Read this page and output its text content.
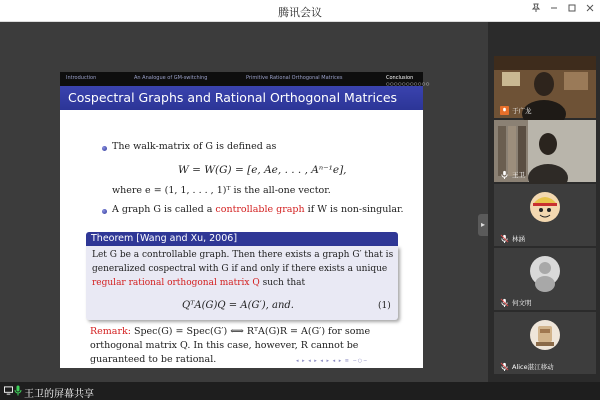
腾讯会议
Introduction	An Analogue of GM-switching	Primitive Rational Orthogonal Matrices	Conclusion
○○○○○○○○○○○
Cospectral Graphs and Rational Orthogonal Matrices
The walk-matrix of G is defined as
W = W(G) = [e, Ae, . . . , Aⁿ⁻¹e],
where e = (1, 1, . . . , 1)ᵀ is the all-one vector.
A graph G is called a controllable graph if W is non-singular.
Theorem [Wang and Xu, 2006]
Let G be a controllable graph. Then there exists a graph G′ that is
generalized cospectral with G if and only if there exists a unique
regular rational orthogonal matrix Q such that
QᵀA(G)Q = A(G′), and.	(1)
Remark: Spec(G) = Spec(G′) ⟺ RᵀA(G)R = A(G′) for some
orthogonal matrix Q. In this case, however, R cannot be
guaranteed to be rational.	◂ ▸ ◂ ▸ ◂ ▸ ◂ ▸ ≡ ∽○∽
▸
于广龙
王卫
林涵
何文明
Alice湛江移动
王卫的屏幕共享
